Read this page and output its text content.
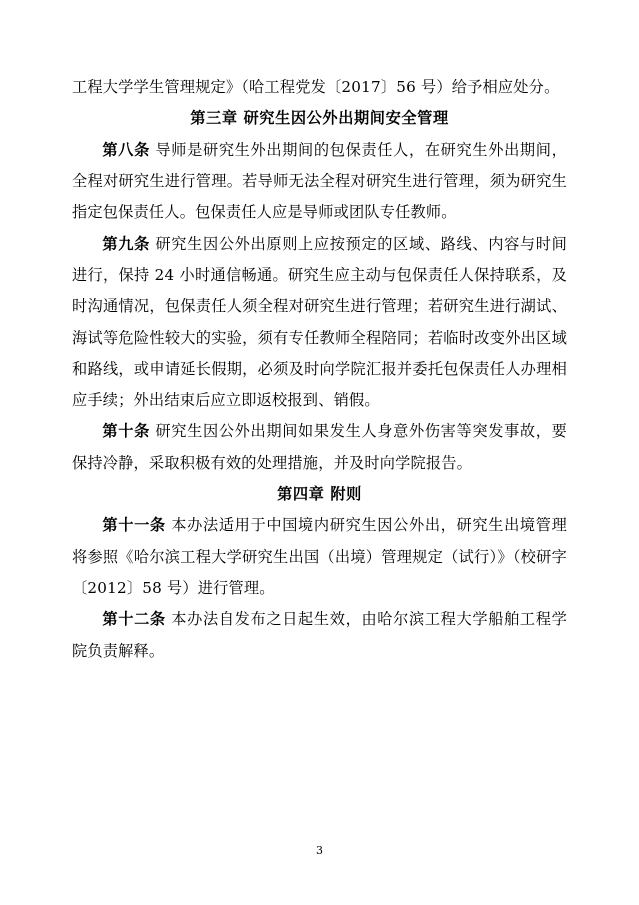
工程大学学生管理规定》（哈工程党发〔2017〕56 号）给予相应处分。

第三章 研究生因公外出期间安全管理

第八条 导师是研究生外出期间的包保责任人，在研究生外出期间，全程对研究生进行管理。若导师无法全程对研究生进行管理，须为研究生指定包保责任人。包保责任人应是导师或团队专任教师。

第九条 研究生因公外出原则上应按预定的区域、路线、内容与时间进行，保持 24 小时通信畅通。研究生应主动与包保责任人保持联系，及时沟通情况，包保责任人须全程对研究生进行管理；若研究生进行湖试、海试等危险性较大的实验，须有专任教师全程陪同；若临时改变外出区域和路线，或申请延长假期，必须及时向学院汇报并委托包保责任人办理相应手续；外出结束后应立即返校报到、销假。

第十条 研究生因公外出期间如果发生人身意外伤害等突发事故，要保持冷静，采取积极有效的处理措施，并及时向学院报告。

第四章 附则

第十一条 本办法适用于中国境内研究生因公外出，研究生出境管理将参照《哈尔滨工程大学研究生出国（出境）管理规定（试行）》（校研字〔2012〕58 号）进行管理。

第十二条 本办法自发布之日起生效，由哈尔滨工程大学船舶工程学院负责解释。

3
